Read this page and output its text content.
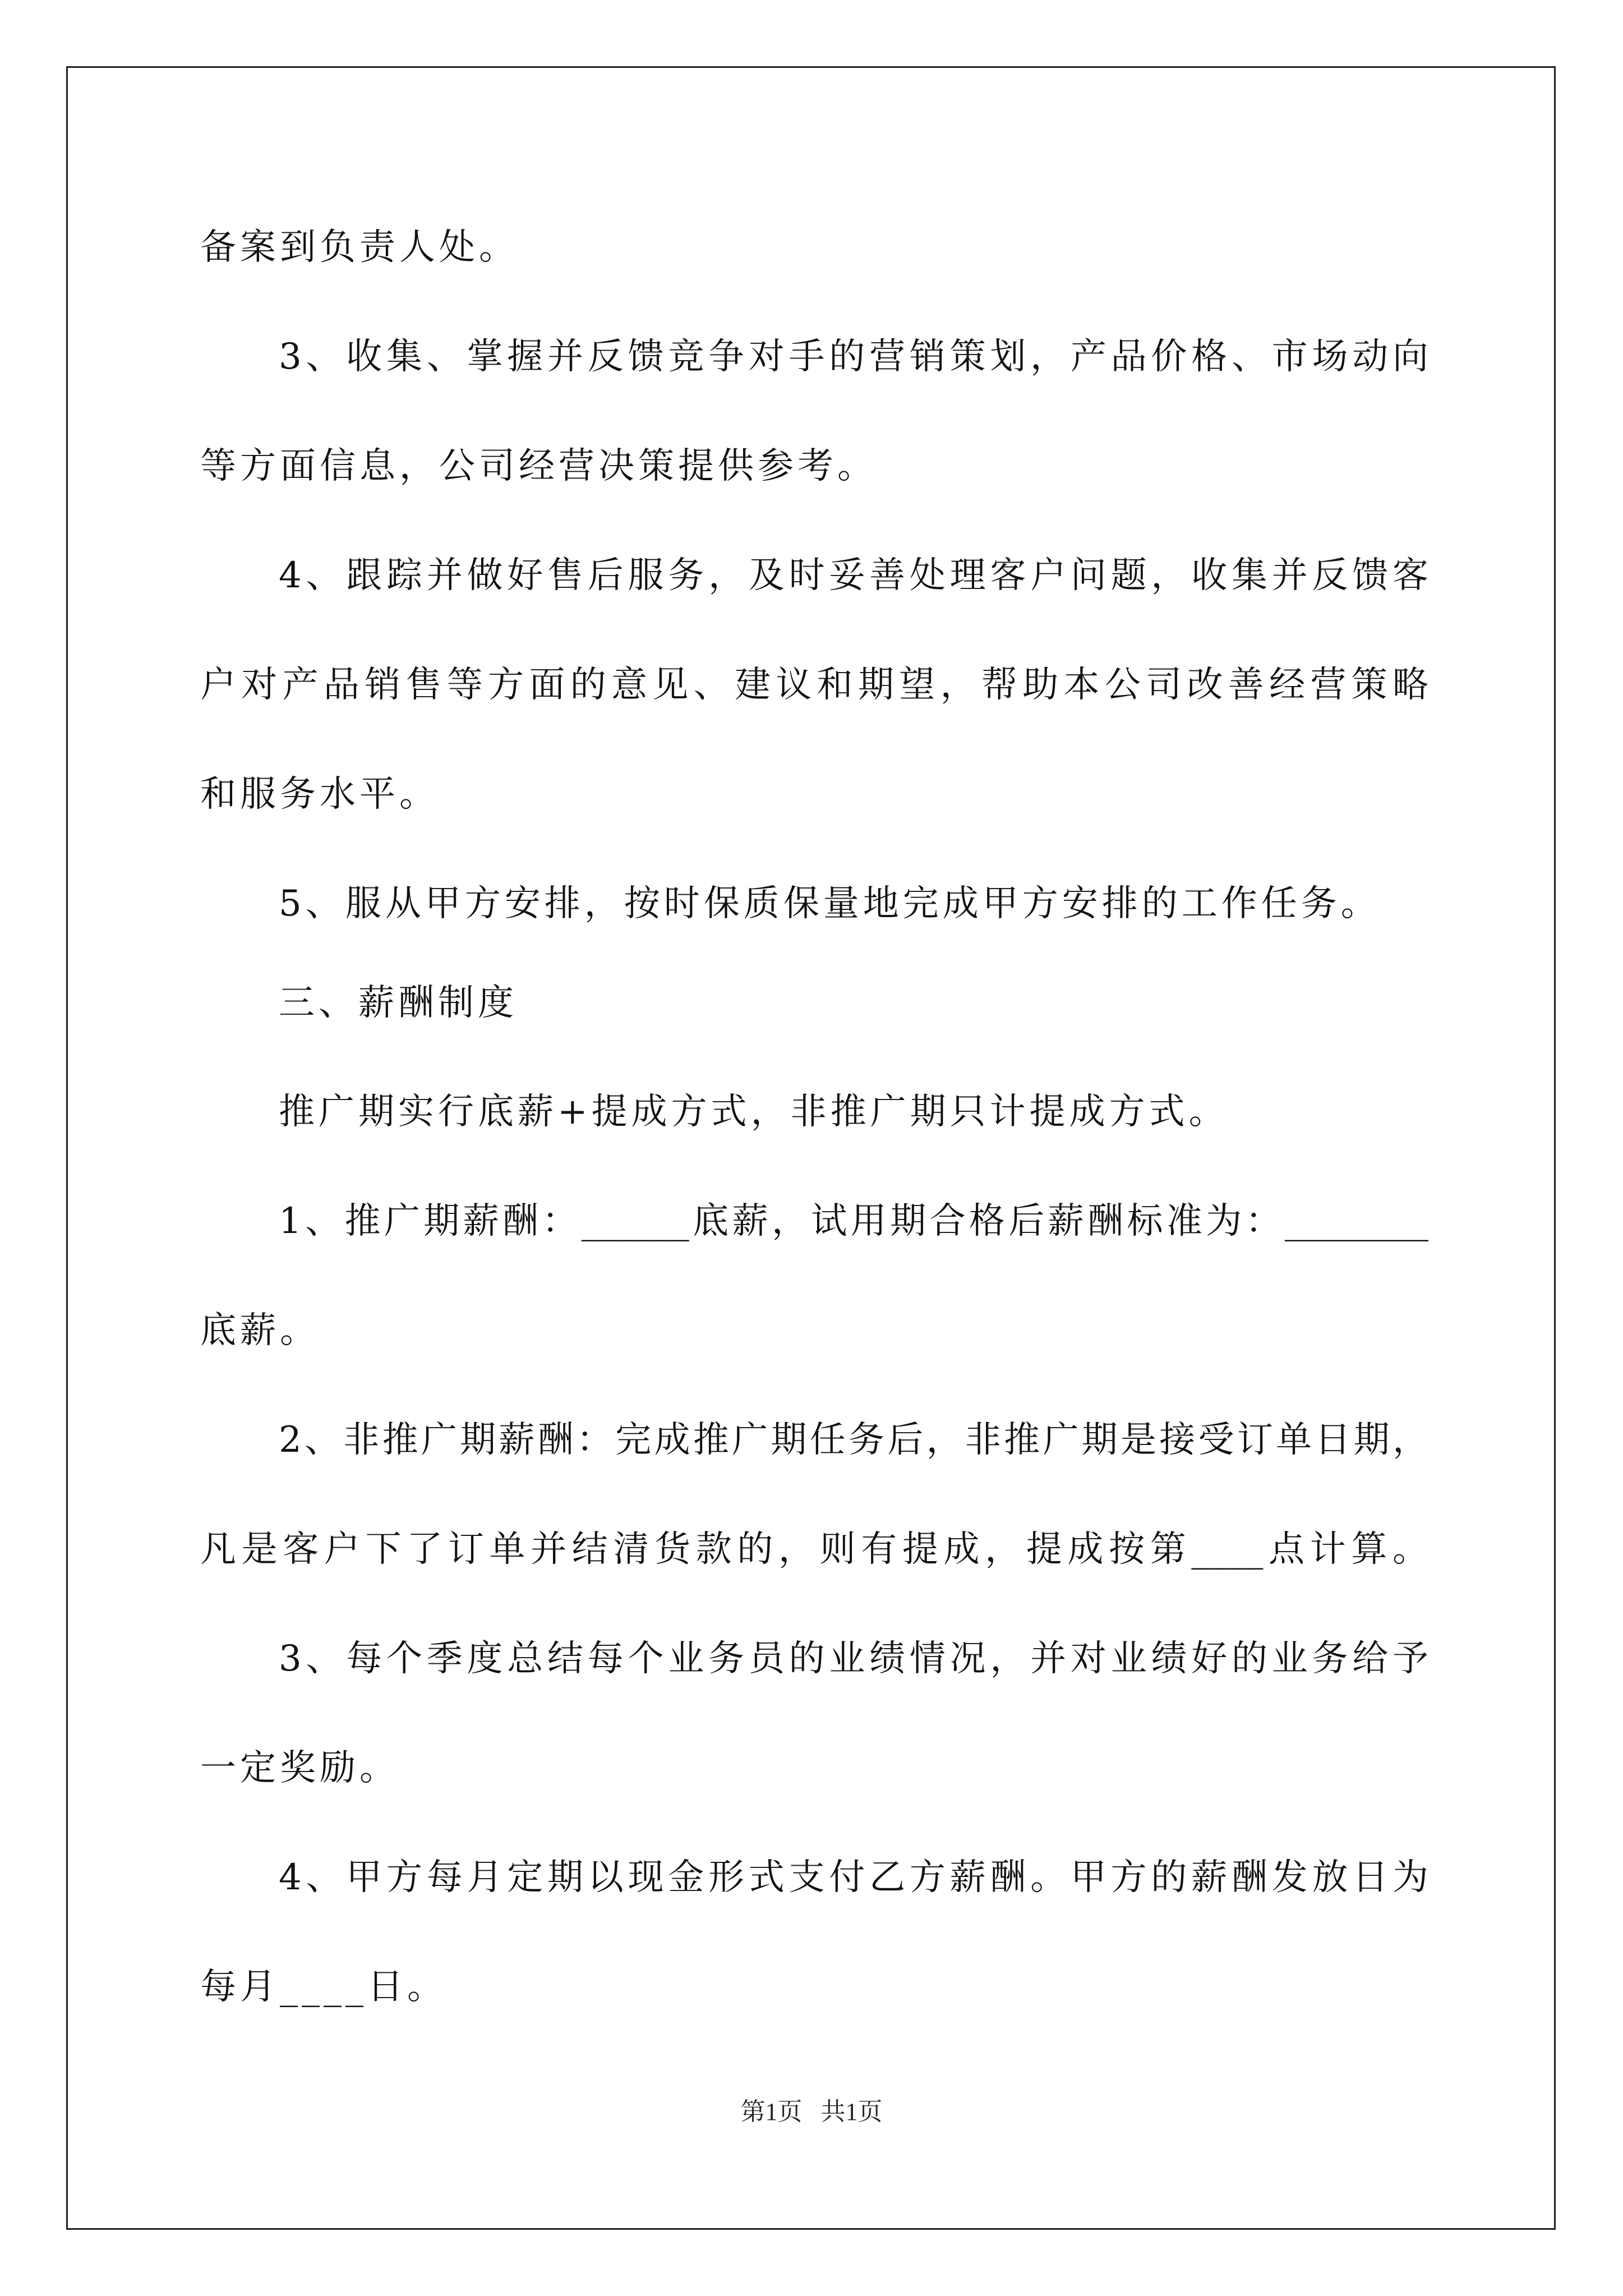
备案到负责人处。
3、收集、掌握并反馈竞争对手的营销策划，产品价格、市场动向
等方面信息，公司经营决策提供参考。
4、跟踪并做好售后服务，及时妥善处理客户问题，收集并反馈客
户对产品销售等方面的意见、建议和期望，帮助本公司改善经营策略
和服务水平。
5、服从甲方安排，按时保质保量地完成甲方安排的工作任务。
三、薪酬制度
推广期实行底薪+提成方式，非推广期只计提成方式。
1、推广期薪酬：______底薪，试用期合格后薪酬标准为：________
底薪。
2、非推广期薪酬：完成推广期任务后，非推广期是接受订单日期，
凡是客户下了订单并结清货款的，则有提成，提成按第____点计算。
3、每个季度总结每个业务员的业绩情况，并对业绩好的业务给予
一定奖励。
4、甲方每月定期以现金形式支付乙方薪酬。甲方的薪酬发放日为
每月____日。
第1页   共1页
